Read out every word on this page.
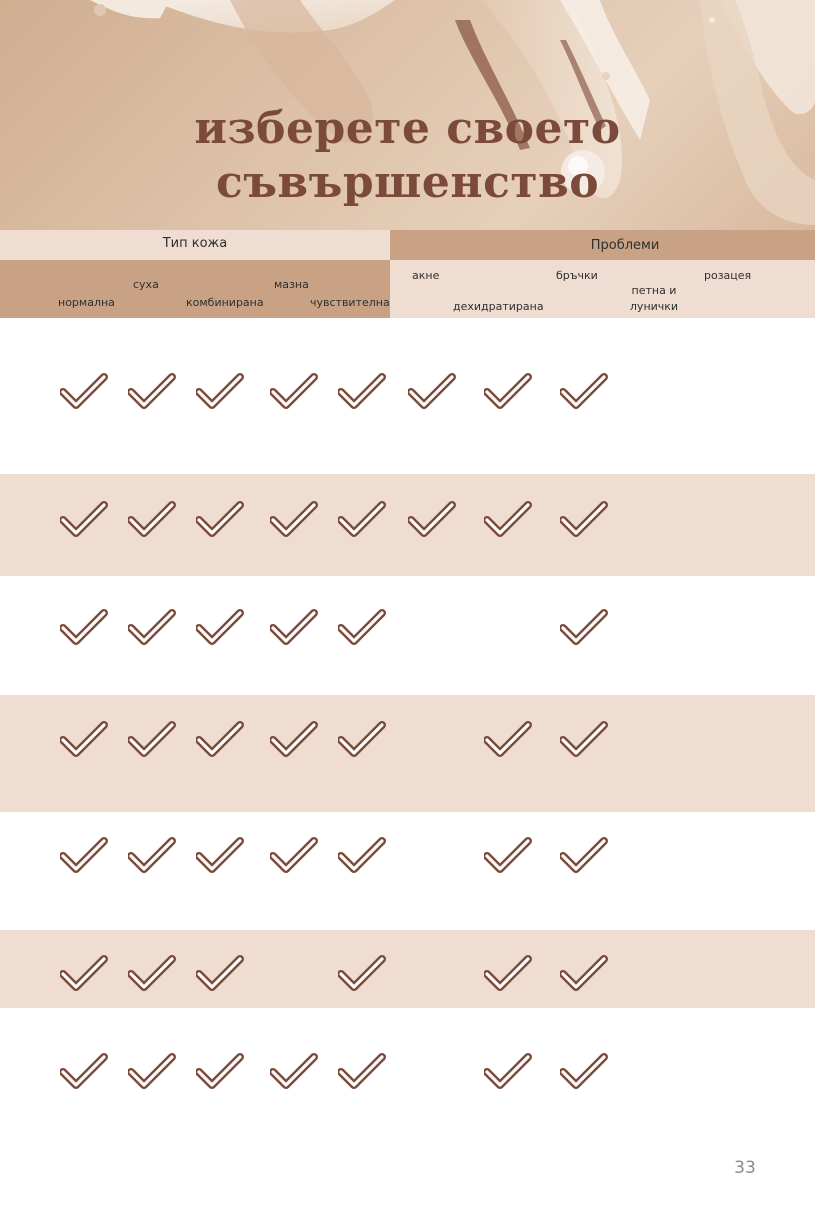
изберете своето
съвършенство
Тип кожа	Проблеми
нормална
суха
комбинирана
мазна
чувствителна
акне
дехидратирана
бръчки
петна и лунички
розацея
33
